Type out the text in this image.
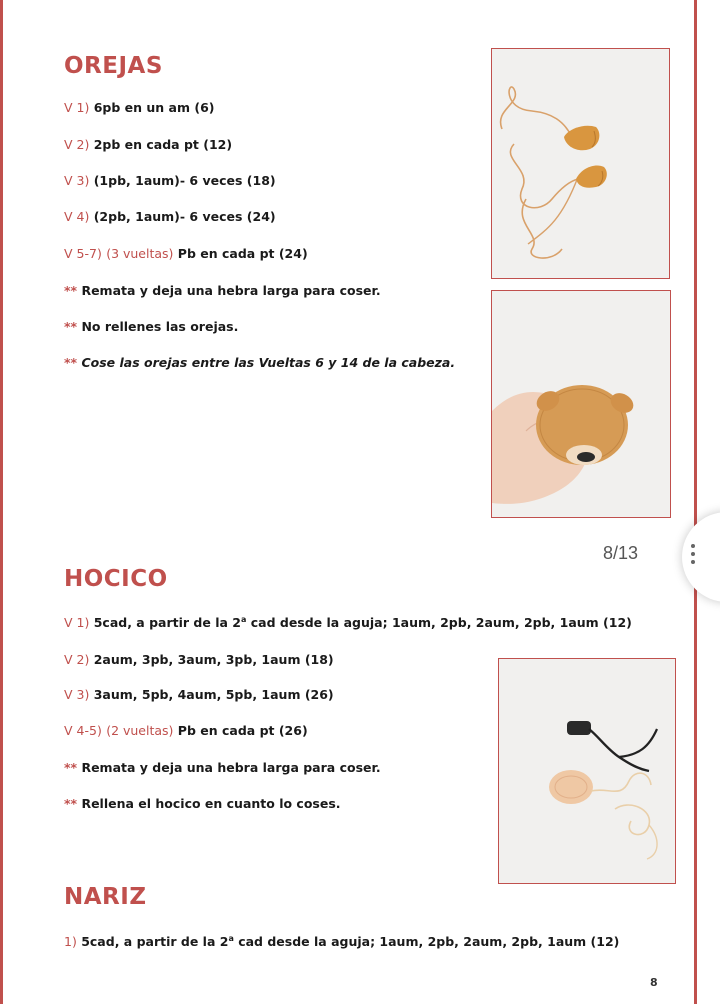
OREJAS
V 1) 6pb en un am (6)
V 2) 2pb en cada pt (12)
V 3) (1pb, 1aum)- 6 veces (18)
V 4) (2pb, 1aum)- 6 veces (24)
V 5-7) (3 vueltas) Pb en cada pt (24)
** Remata y deja una hebra larga para coser.
** No rellenes las orejas.
** Cose las orejas entre las Vueltas 6 y 14 de la cabeza.
8/13
HOCICO
V 1) 5cad, a partir de la 2$^a$ cad desde la aguja; 1aum, 2pb, 2aum, 2pb, 1aum (12)
V 2) 2aum, 3pb, 3aum, 3pb, 1aum (18)
V 3) 3aum, 5pb, 4aum, 5pb, 1aum (26)
V 4-5) (2 vueltas) Pb en cada pt (26)
** Remata y deja una hebra larga para coser.
** Rellena el hocico en cuanto lo coses.
NARIZ
1) 5cad, a partir de la 2$^a$ cad desde la aguja; 1aum, 2pb, 2aum, 2pb, 1aum (12)
8
